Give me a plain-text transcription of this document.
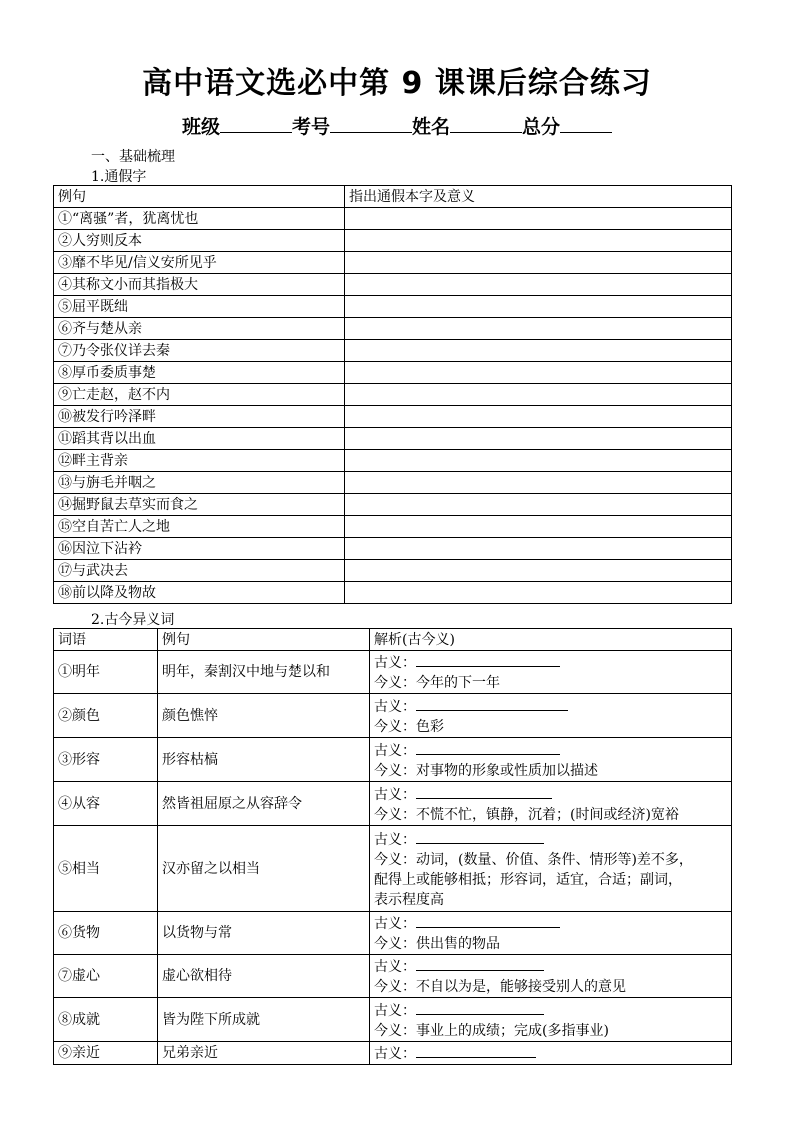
高中语文选必中第 9 课课后综合练习
班级	考号	姓名	总分
一、基础梳理
1.通假字
例句	指出通假本字及意义
①“离骚”者，犹离忧也	
②人穷则反本	
③靡不毕见/信义安所见乎	
④其称文小而其指极大	
⑤屈平既绌	
⑥齐与楚从亲	
⑦乃令张仪详去秦	
⑧厚币委质事楚	
⑨亡走赵，赵不内	
⑩被发行吟泽畔	
⑪蹈其背以出血	
⑫畔主背亲	
⑬与旃毛并咽之	
⑭掘野鼠去草实而食之	
⑮空自苦亡人之地	
⑯因泣下沾衿	
⑰与武决去	
⑱前以降及物故	
2.古今异义词
词语	例句	解析(古今义)
①明年	明年，秦割汉中地与楚以和	古义：
今义：今年的下一年

②颜色	颜色憔悴	古义：
今义：色彩

③形容	形容枯槁	古义：
今义：对事物的形象或性质加以描述

④从容	然皆祖屈原之从容辞令	古义：
今义：不慌不忙，镇静，沉着；(时间或经济)宽裕

⑤相当	汉亦留之以相当	古义：
今义：动词，(数量、价值、条件、情形等)差不多，
配得上或能够相抵；形容词，适宜，合适；副词，
表示程度高

⑥货物	以货物与常	古义：
今义：供出售的物品

⑦虚心	虚心欲相待	古义：
今义：不自以为是，能够接受别人的意见

⑧成就	皆为陛下所成就	古义：
今义：事业上的成绩；完成(多指事业)

⑨亲近	兄弟亲近	古义：
